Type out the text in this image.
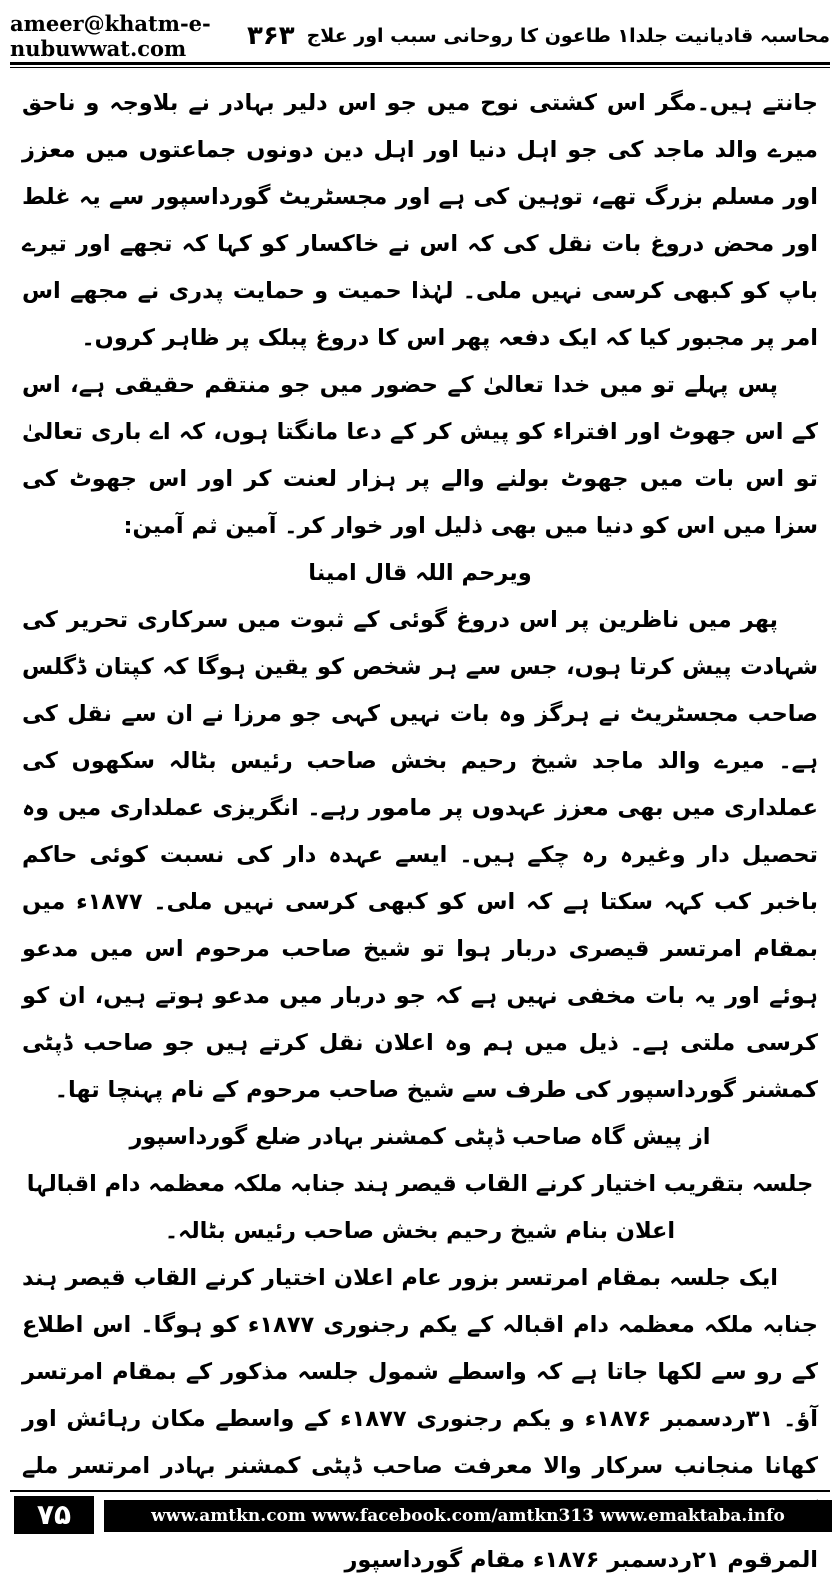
ameer@khatm-e-nubuwwat.com	محاسبہ قادیانیت جلدا۱ طاعون کا روحانی سبب اور علاج
۳۶۳

جانتے ہیں۔مگر اس کشتی نوح میں جو اس دلیر بہادر نے بلاوجہ و ناحق میرے والد ماجد کی جو اہل دنیا اور اہل دین دونوں جماعتوں میں معزز اور مسلم بزرگ تھے، توہین کی ہے اور مجسٹریٹ گورداسپور سے یہ غلط اور محض دروغ بات نقل کی کہ اس نے خاکسار کو کہا کہ تجھے اور تیرے باپ کو کبھی کرسی نہیں ملی۔ لہٰذا حمیت و حمایت پدری نے مجھے اس امر پر مجبور کیا کہ ایک دفعہ پھر اس کا دروغ پبلک پر ظاہر کروں۔

پس پہلے تو میں خدا تعالیٰ کے حضور میں جو منتقم حقیقی ہے، اس کے اس جھوٹ اور افتراء کو پیش کر کے دعا مانگتا ہوں، کہ اے باری تعالیٰ تو اس بات میں جھوٹ بولنے والے پر ہزار لعنت کر اور اس جھوٹ کی سزا میں اس کو دنیا میں بھی ذلیل اور خوار کر۔ آمین ثم آمین:

ویرحم اللہ قال امینا

پھر میں ناظرین پر اس دروغ گوئی کے ثبوت میں سرکاری تحریر کی شہادت پیش کرتا ہوں، جس سے ہر شخص کو یقین ہوگا کہ کپتان ڈگلس صاحب مجسٹریٹ نے ہرگز وہ بات نہیں کہی جو مرزا نے ان سے نقل کی ہے۔ میرے والد ماجد شیخ رحیم بخش صاحب رئیس بٹالہ سکھوں کی عملداری میں بھی معزز عہدوں پر مامور رہے۔ انگریزی عملداری میں وہ تحصیل دار وغیرہ رہ چکے ہیں۔ ایسے عہدہ دار کی نسبت کوئی حاکم باخبر کب کہہ سکتا ہے کہ اس کو کبھی کرسی نہیں ملی۔ ۱۸۷۷ء میں بمقام امرتسر قیصری دربار ہوا تو شیخ صاحب مرحوم اس میں مدعو ہوئے اور یہ بات مخفی نہیں ہے کہ جو دربار میں مدعو ہوتے ہیں، ان کو کرسی ملتی ہے۔ ذیل میں ہم وہ اعلان نقل کرتے ہیں جو صاحب ڈپٹی کمشنر گورداسپور کی طرف سے شیخ صاحب مرحوم کے نام پہنچا تھا۔

از پیش گاہ صاحب ڈپٹی کمشنر بہادر ضلع گورداسپور

جلسہ بتقریب اختیار کرنے القاب قیصر ہند جنابہ ملکہ معظمہ دام اقبالہا

اعلان بنام شیخ رحیم بخش صاحب رئیس بٹالہ۔

ایک جلسہ بمقام امرتسر بزور عام اعلان اختیار کرنے القاب قیصر ہند جنابہ ملکہ معظمہ دام اقبالہ کے یکم رجنوری ۱۸۷۷ء کو ہوگا۔ اس اطلاع کے رو سے لکھا جاتا ہے کہ واسطے شمول جلسہ مذکور کے بمقام امرتسر آؤ۔ ۳۱ردسمبر ۱۸۷۶ء و یکم رجنوری ۱۸۷۷ء کے واسطے مکان رہائش اور کھانا منجانب سرکار والا معرفت صاحب ڈپٹی کمشنر بہادر امرتسر ملے

المرقوم ۲۱ردسمبر ۱۸۷۶ء مقام گورداسپور

۷۵	www.amtkn.com www.facebook.com/amtkn313 www.emaktaba.info
